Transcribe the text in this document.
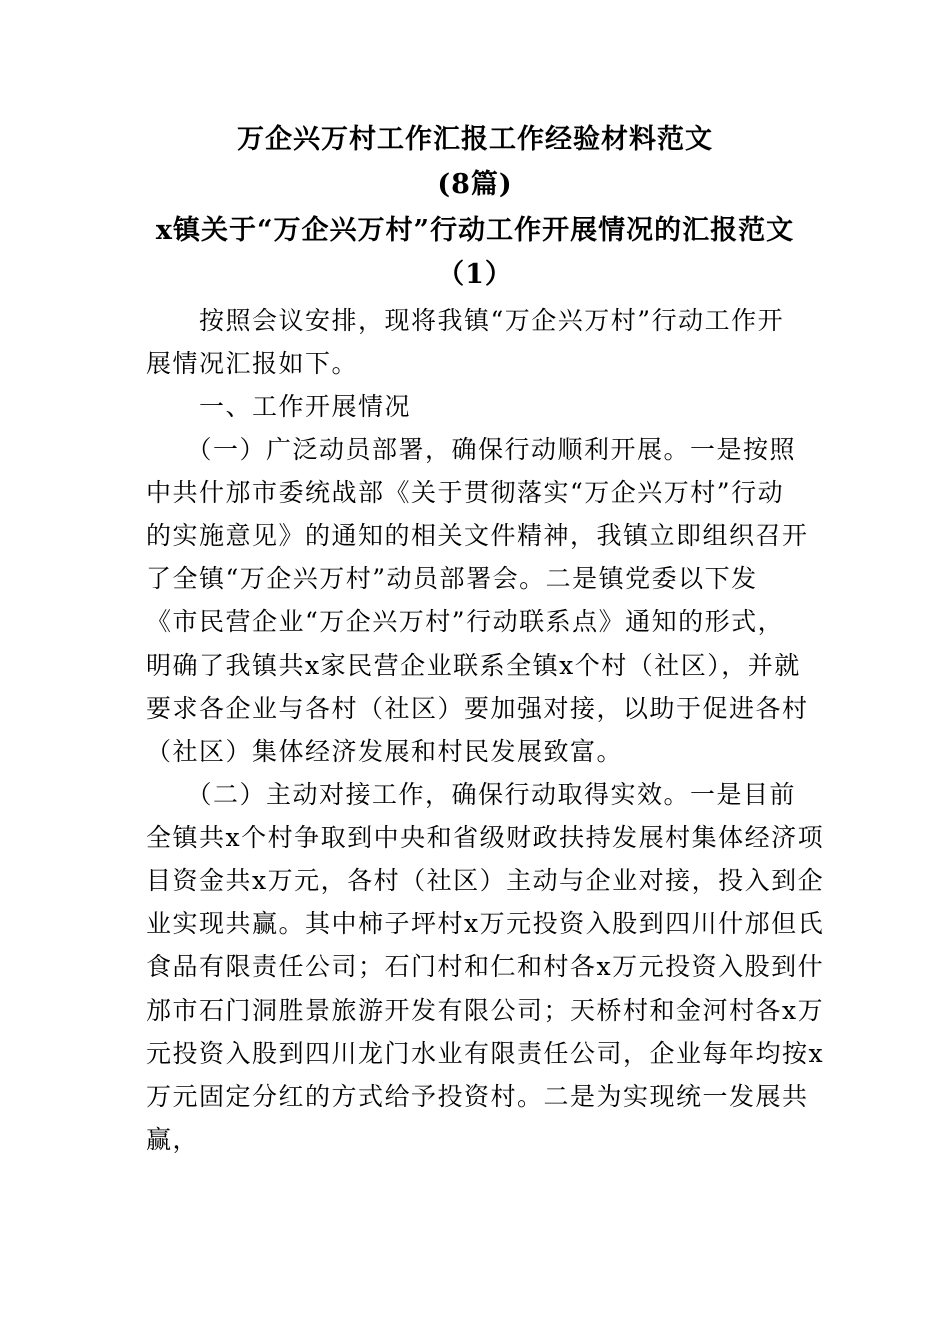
万企兴万村工作汇报工作经验材料范文
(8篇)
x镇关于“万企兴万村”行动工作开展情况的汇报范文
（1）
　　按照会议安排，现将我镇“万企兴万村”行动工作开
展情况汇报如下。
　　一、工作开展情况
　　（一）广泛动员部署，确保行动顺利开展。一是按照
中共什邡市委统战部《关于贯彻落实“万企兴万村”行动
的实施意见》的通知的相关文件精神，我镇立即组织召开
了全镇“万企兴万村”动员部署会。二是镇党委以下发
《市民营企业“万企兴万村”行动联系点》通知的形式，
明确了我镇共x家民营企业联系全镇x个村（社区），并就
要求各企业与各村（社区）要加强对接，以助于促进各村
（社区）集体经济发展和村民发展致富。
　　（二）主动对接工作，确保行动取得实效。一是目前
全镇共x个村争取到中央和省级财政扶持发展村集体经济项
目资金共x万元，各村（社区）主动与企业对接，投入到企
业实现共赢。其中柿子坪村x万元投资入股到四川什邡但氏
食品有限责任公司；石门村和仁和村各x万元投资入股到什
邡市石门洞胜景旅游开发有限公司；天桥村和金河村各x万
元投资入股到四川龙门水业有限责任公司，企业每年均按x
万元固定分红的方式给予投资村。二是为实现统一发展共
赢，
